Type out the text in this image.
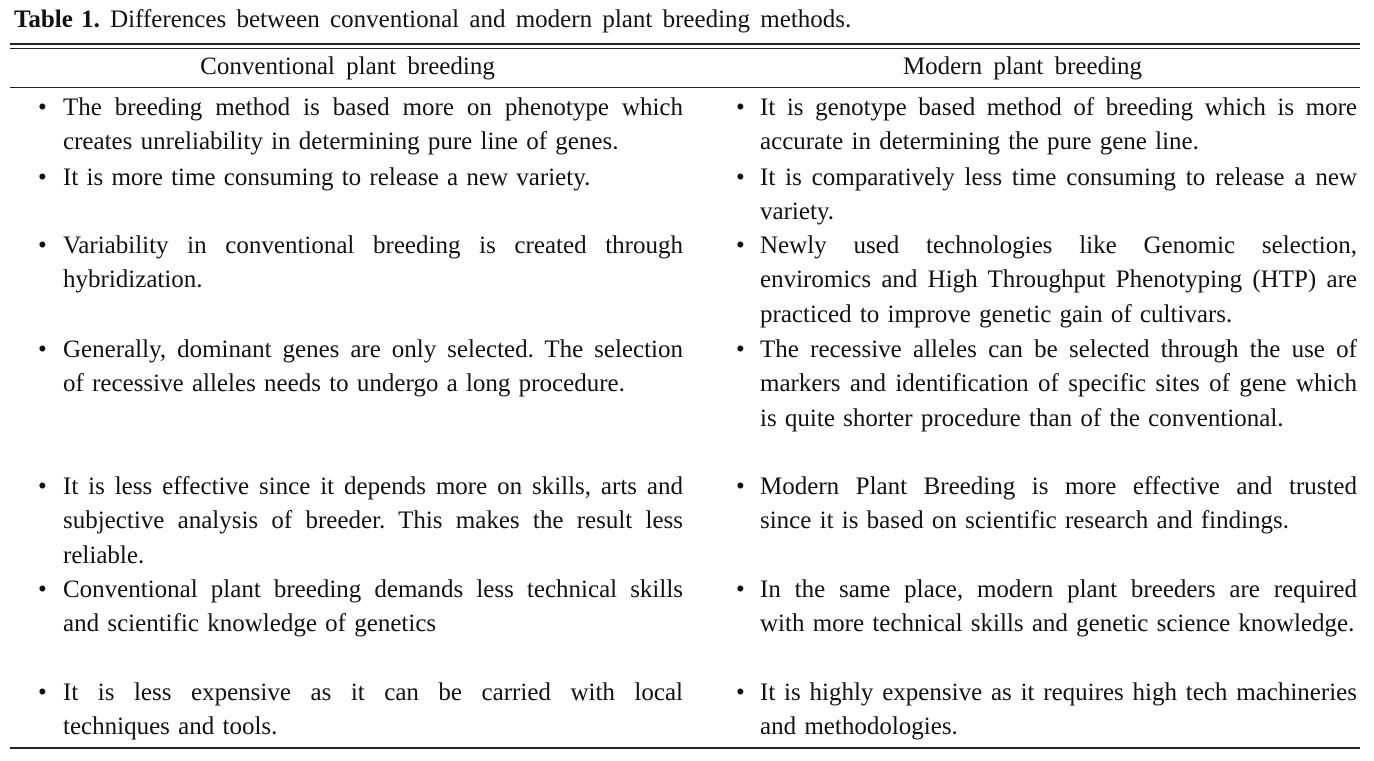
Table 1. Differences between conventional and modern plant breeding methods.
Conventional plant breeding	Modern plant breeding
• The breeding method is based more on phenotype which creates unreliability in determining pure line of genes.
• It is genotype based method of breeding which is more accurate in determining the pure gene line.
• It is more time consuming to release a new variety.	• It is comparatively less time consuming to release a new variety.
• Variability in conventional breeding is created through hybridization.
• Newly used technologies like Genomic selection, enviromics and High Throughput Phenotyping (HTP) are practiced to improve genetic gain of cultivars.
• Generally, dominant genes are only selected. The selection of recessive alleles needs to undergo a long procedure.
• The recessive alleles can be selected through the use of markers and identification of specific sites of gene which is quite shorter procedure than of the conventional.
• It is less effective since it depends more on skills, arts and subjective analysis of breeder. This makes the result less reliable.
• Modern Plant Breeding is more effective and trusted since it is based on scientific research and findings.
• Conventional plant breeding demands less technical skills and scientific knowledge of genetics
• In the same place, modern plant breeders are required with more technical skills and genetic science knowledge.
• It is less expensive as it can be carried with local techniques and tools.
• It is highly expensive as it requires high tech machineries and methodologies.
